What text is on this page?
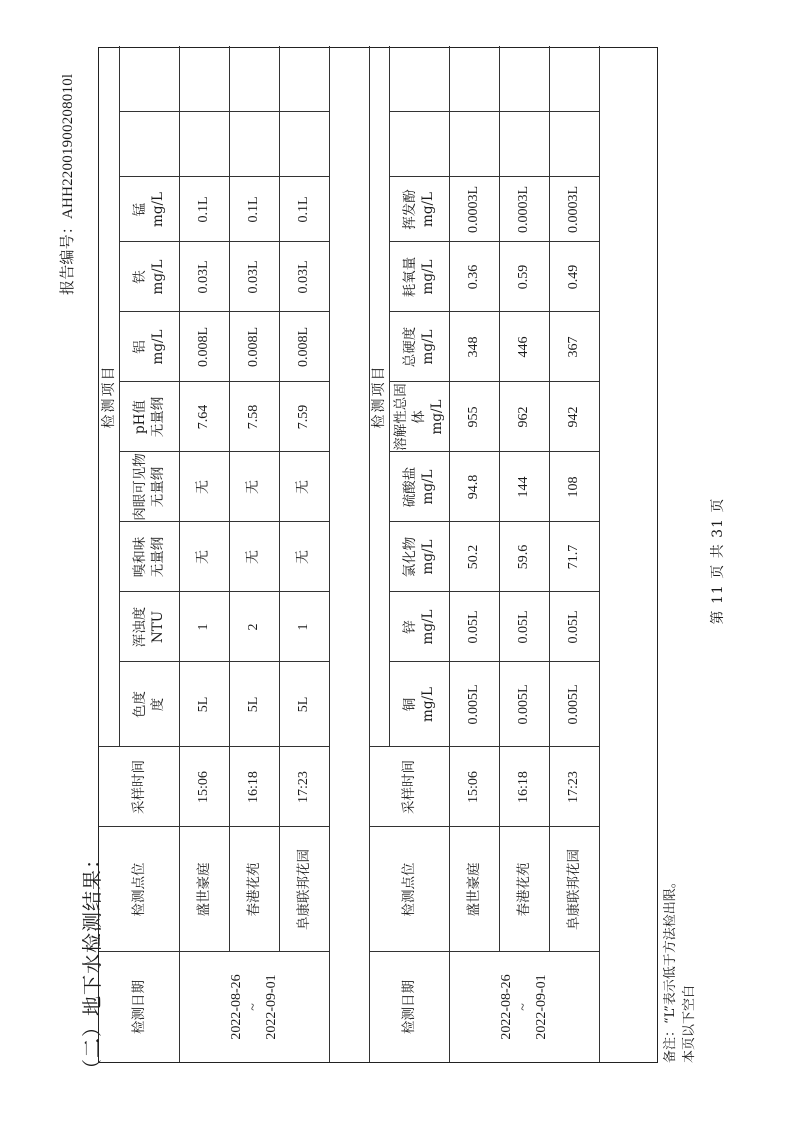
报告编号：AHH22001900208010l
（二）地下水检测结果：	检测日期
检测点位
采样时间
检测项目
色度 度
浑浊度 NTU
嗅和味 无量纲
肉眼可见物 无量纲
pH值 无量纲
铝 mg/L
铁 mg/L
锰 mg/L
2022-08-26 ~ 2022-09-01
盛世豪庭
15:06
5L
1
无
无
7.64
0.008L
0.03L
0.1L
春港花苑
16:18
5L
2
无
无
7.58
0.008L
0.03L
0.1L
阜康联邦花园
17:23
5L
1
无
无
7.59
0.008L
0.03L
0.1L
检测日期
检测点位
采样时间
检测项目
铜 mg/L
锌 mg/L
氯化物 mg/L
硫酸盐 mg/L
溶解性总固体 mg/L
总硬度 mg/L
耗氧量 mg/L
挥发酚 mg/L
2022-08-26 ~ 2022-09-01
盛世豪庭
15:06
0.005L
0.05L
50.2
94.8
955
348
0.36
0.0003L
春港花苑
16:18
0.005L
0.05L
59.6
144
962
446
0.59
0.0003L
阜康联邦花园
17:23
0.005L
0.05L
71.7
108
942
367
0.49
0.0003L
备注：“L”表示低于方法检出限。 本页以下空白
第 11 页 共 31 页
